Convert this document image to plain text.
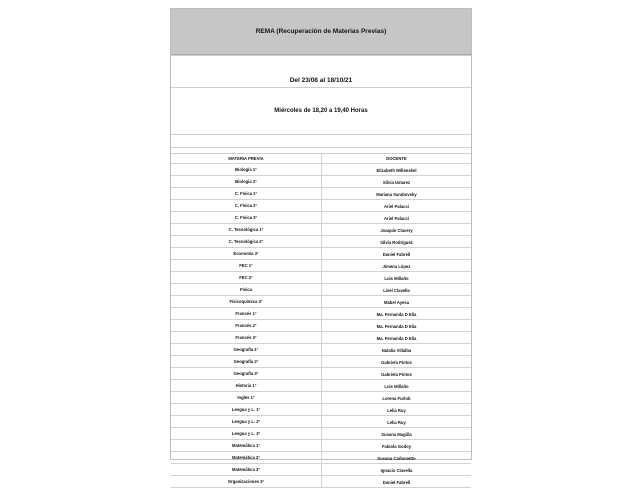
REMA (Recuperación de Materias Previas)
Del 23/08 al 18/10/21
Miércoles de 18,20 a 19,40 Horas
MATERIA PREVIA	DOCENTE
Biología 1°	Elizabeth Willenskel
Biología 2°	Silvia Ustarez
C. Física 1°	Mariana Sarabovsky
C. Física 2°	Ariel Palacci
C. Física 3°	Ariel Palacci
C. Tecnológica 1°	Joaquín Clavery
C. Tecnológica 2°	Silvia Rodríguez
Economía 3°	Daniel Fabrell
FEC 1°	Jimena López
FEC 2°	Luis Millaño
Física	Lisel Clavella
Fisicoquímica 3°	Mabel Ayesa
Francés 1°	Ma. Fernanda D Elía
Francés 2°	Ma. Fernanda D Elía
Francés 3°	Ma. Fernanda D Elía
Geografía 1°	Natalia Villalba
Geografía 2°	Gabriela Pintos
Geografía 3°	Gabriela Pintos
Historia 1°	Luis Millaño
Inglés 1°	Lorena Furlob
Lengua y L. 1°	Lelia Ruy
Lengua y L. 2°	Lelia Ruy
Lengua y L. 3°	Susana Magiña
Matemática 1°	Fabiola Godoy
Matemática 2°	Susana Carbonetto
Matemática 3°	Ignacio Clavella
Organizaciones 3°	Daniel Fabrell
